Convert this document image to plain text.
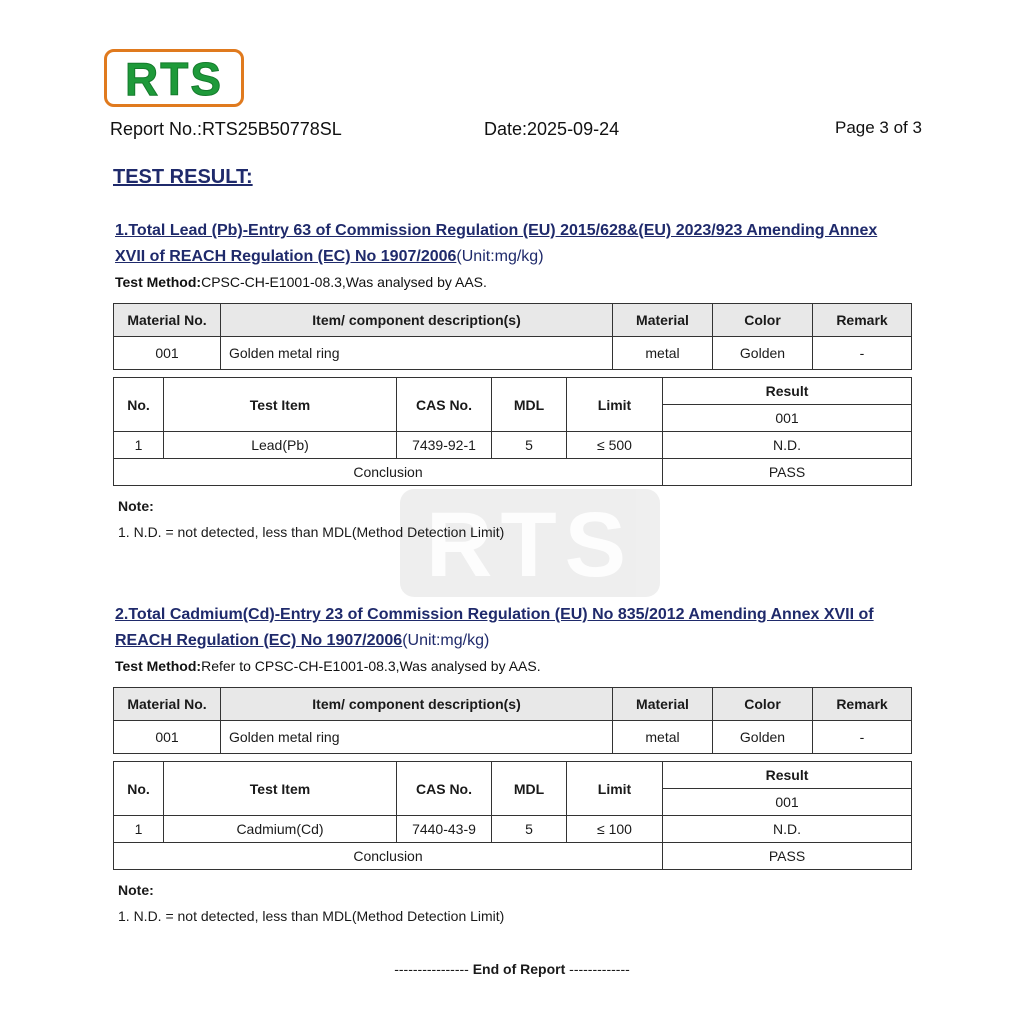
RTS
Report No.:RTS25B50778SL	Date:2025-09-24	Page 3 of 3
TEST RESULT:
RTS
1.Total Lead (Pb)-Entry 63 of Commission Regulation (EU) 2015/628&(EU) 2023/923 Amending Annex
XVII of REACH Regulation (EC) No 1907/2006(Unit:mg/kg)
Test Method:CPSC-CH-E1001-08.3,Was analysed by AAS.
Material No.	Item/ component description(s)	Material	Color	Remark
001	Golden metal ring	metal	Golden	-
No.	Test Item	CAS No.	MDL	Limit	Result
					001
1	Lead(Pb)	7439-92-1	5	≤ 500	N.D.
Conclusion					PASS
Note:
1. N.D. = not detected, less than MDL(Method Detection Limit)
2.Total Cadmium(Cd)-Entry 23 of Commission Regulation (EU) No 835/2012 Amending Annex XVII of
REACH Regulation (EC) No 1907/2006(Unit:mg/kg)
Test Method:Refer to CPSC-CH-E1001-08.3,Was analysed by AAS.
Material No.	Item/ component description(s)	Material	Color	Remark
001	Golden metal ring	metal	Golden	-
No.	Test Item	CAS No.	MDL	Limit	Result
					001
1	Cadmium(Cd)	7440-43-9	5	≤ 100	N.D.
Conclusion					PASS
Note:
1. N.D. = not detected, less than MDL(Method Detection Limit)
---------------- End of Report -------------
